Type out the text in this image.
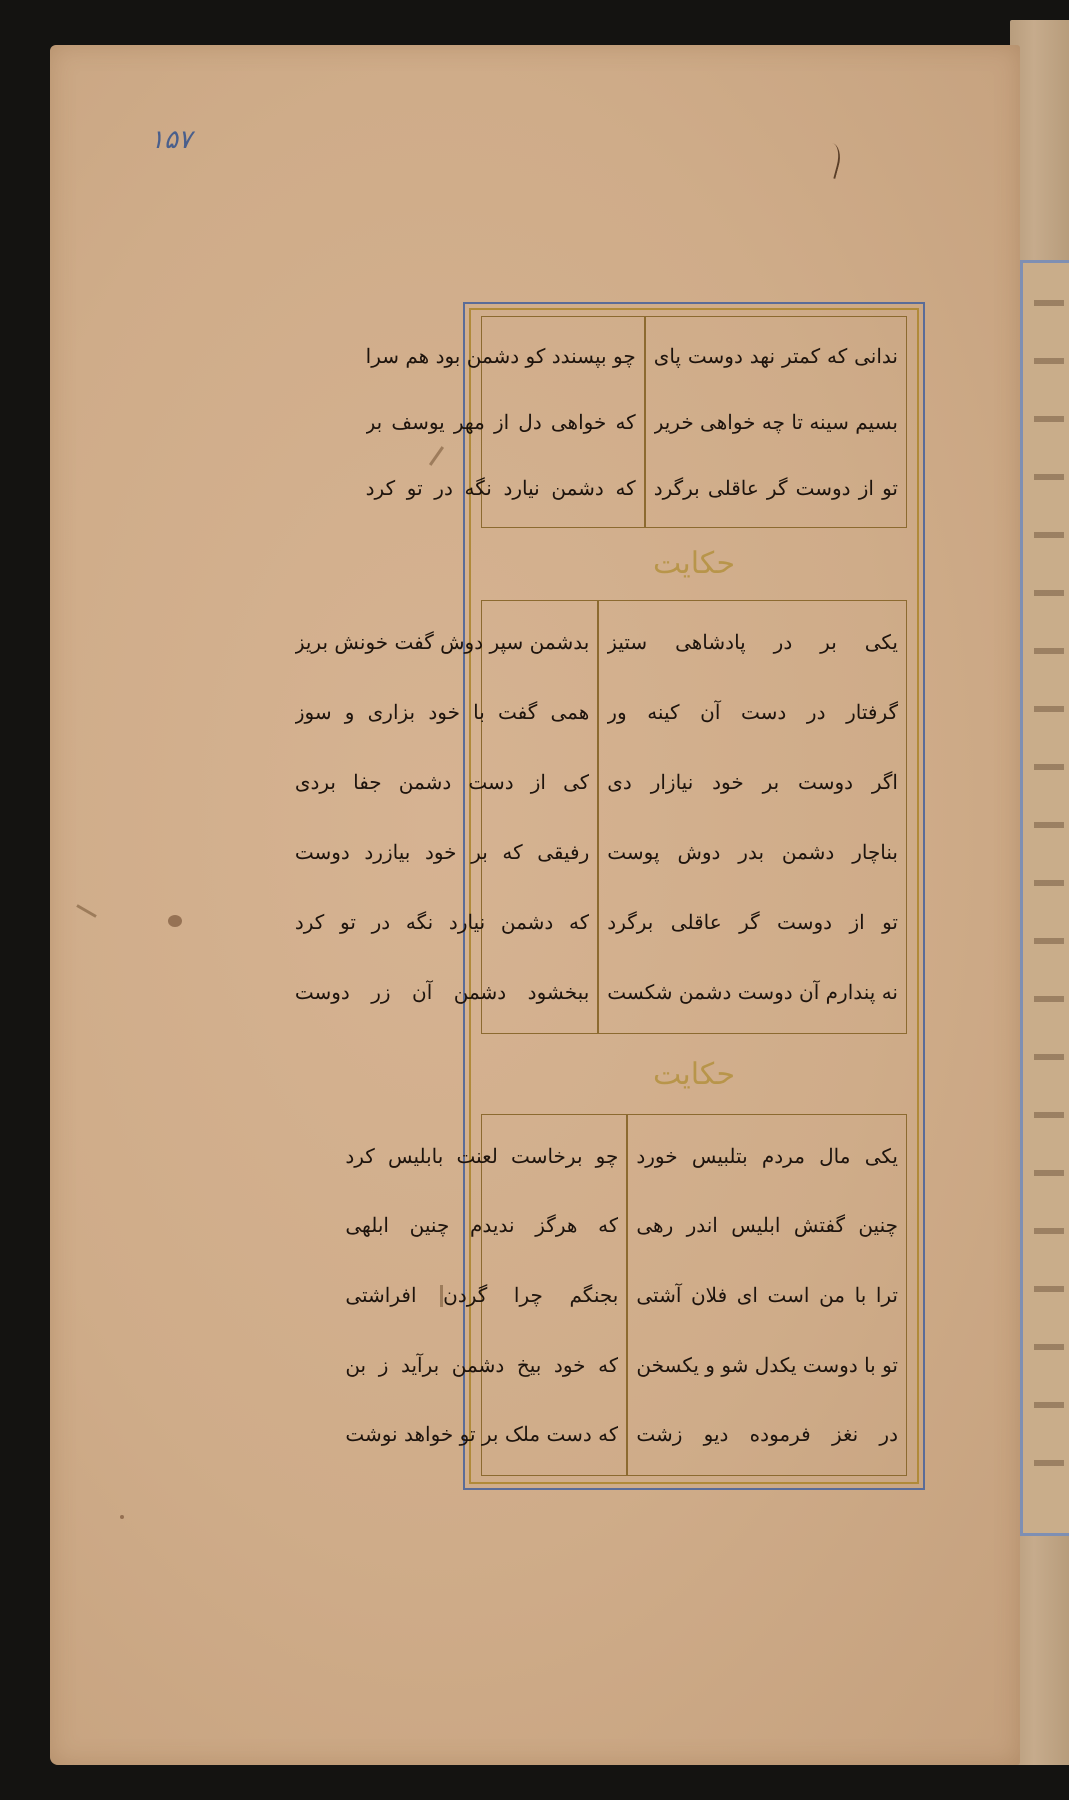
۱۵۷
ندانی که کمتر نهد دوست پای
بسیم سینه تا چه خواهی خریر
تو از دوست گر عاقلی برگرد
چو بپسندد کو دشمن بود هم سرا
که خواهی دل از مهر یوسف بر
که دشمن نیارد نگه در تو کرد
حکایت
یکی بر در پادشاهی ستیز
گرفتار در دست آن کینه ور
اگر دوست بر خود نیازار دی
بناچار دشمن بدر دوش پوست
تو از دوست گر عاقلی برگرد
نه پندارم آن دوست دشمن شکست
بدشمن سپر دوش گفت خونش بریز
همی گفت با خود بزاری و سوز
کی از دست دشمن جفا بردی
رفیقی که بر خود بیازرد دوست
که دشمن نیارد نگه در تو کرد
ببخشود دشمن آن زر دوست
حکایت
یکی مال مردم بتلبیس خورد
چنین گفتش ابلیس اندر رهی
ترا با من است ای فلان آشتی
تو با دوست یکدل شو و یکسخن
در نغز فرموده دیو زشت
چو برخاست لعنت بابلیس کرد
که هرگز ندیدم چنین ابلهی
بجنگم چرا گردن افراشتی
که خود بیخ دشمن برآید ز بن
که دست ملک بر تو خواهد نوشت
